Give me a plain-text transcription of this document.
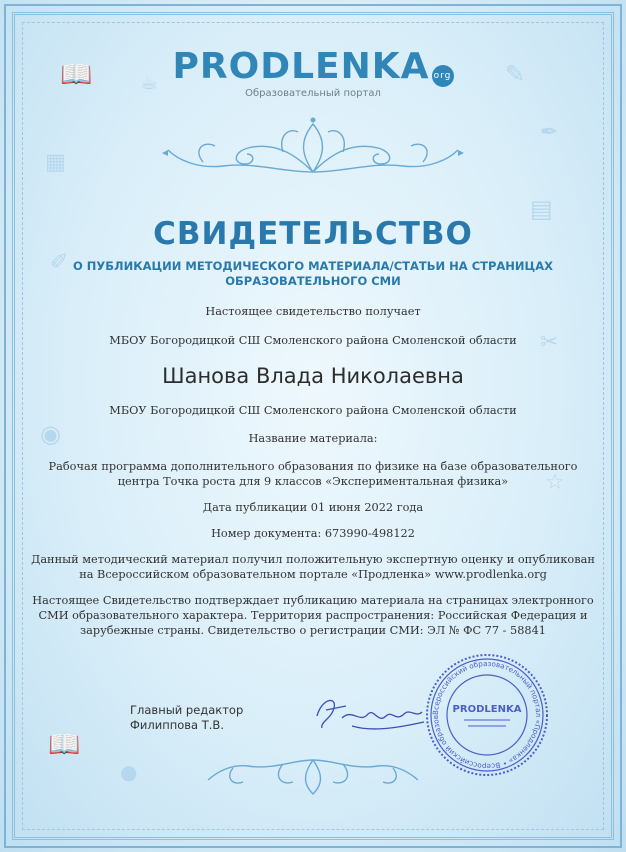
📖 ☕	✎
✒
▦
▤
✐
✂
◉
☆
📖
●
PRODLENKA org
Образовательный портал
СВИДЕТЕЛЬСТВО
О ПУБЛИКАЦИИ МЕТОДИЧЕСКОГО МАТЕРИАЛА/СТАТЬИ НА СТРАНИЦАХ
ОБРАЗОВАТЕЛЬНОГО СМИ
Настоящее свидетельство получает
МБОУ Богородицкой СШ Смоленского района Смоленской области
Шанова Влада Николаевна
МБОУ Богородицкой СШ Смоленского района Смоленской области
Название материала:
Рабочая программа дополнительного образования по физике на базе образовательного
центра Точка роста для 9 классов «Экспериментальная физика»
Дата публикации 01 июня 2022 года
Номер документа: 673990-498122
Данный методический материал получил положительную экспертную оценку и опубликован
на Всероссийском образовательном портале «Продленка» www.prodlenka.org
Настоящее Свидетельство подтверждает публикацию материала на страницах электронного
СМИ образовательного характера. Территория распространения: Российская Федерация и
зарубежные страны. Свидетельство о регистрации СМИ: ЭЛ № ФС 77 - 58841
Главный редактор
Филиппова Т.В.	Филиппова
Всероссийский образовательный портал «Продленка» • Всероссийский образовательный портал «Продленка» •
PRODLENKA
